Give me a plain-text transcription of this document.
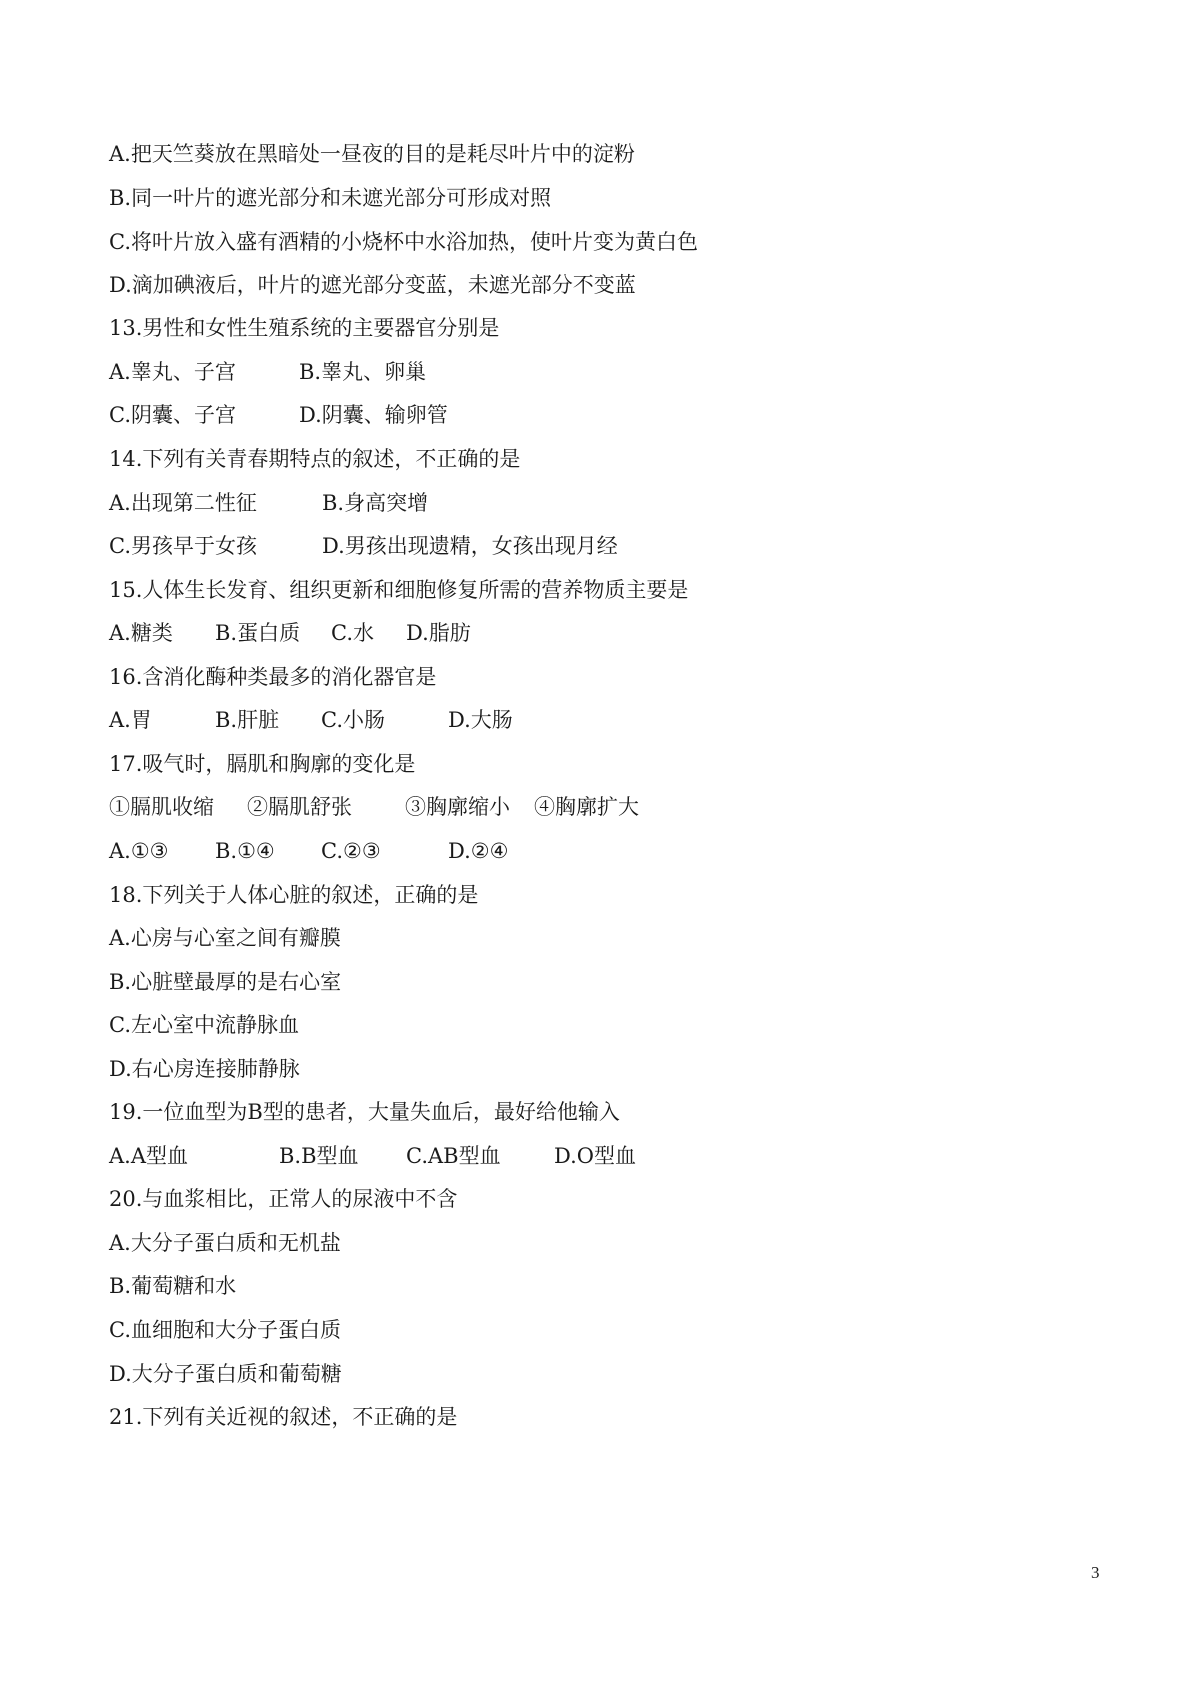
A.把天竺葵放在黑暗处一昼夜的目的是耗尽叶片中的淀粉
B.同一叶片的遮光部分和未遮光部分可形成对照
C.将叶片放入盛有酒精的小烧杯中水浴加热，使叶片变为黄白色
D.滴加碘液后，叶片的遮光部分变蓝，未遮光部分不变蓝
13.男性和女性生殖系统的主要器官分别是

A.睾丸、子宫

	B.睾丸、卵巢

C.阴囊、子宫

	D.阴囊、输卵管

14.下列有关青春期特点的叙述，不正确的是

A.出现第二性征

	B.身高突增

C.男孩早于女孩

	D.男孩出现遗精，女孩出现月经

15.人体生长发育、组织更新和细胞修复所需的营养物质主要是

A.糖类

B.蛋白质

C.水

D.脂肪

16.含消化酶种类最多的消化器官是

A.胃

	B.肝脏

C.小肠

	D.大肠

17.吸气时，膈肌和胸廓的变化是

①膈肌收缩

②膈肌舒张

	③胸廓缩小

④胸廓扩大

A.①③

B.①④

C.②③

	D.②④

18.下列关于人体心脏的叙述，正确的是
A.心房与心室之间有瓣膜
B.心脏壁最厚的是右心室
C.左心室中流静脉血
D.右心房连接肺静脉
19.一位血型为B型的患者，大量失血后，最好给他输入

A.A型血

	B.B型血

C.AB型血

	D.O型血

20.与血浆相比，正常人的尿液中不含
A.大分子蛋白质和无机盐
B.葡萄糖和水
C.血细胞和大分子蛋白质
D.大分子蛋白质和葡萄糖
21.下列有关近视的叙述，不正确的是
3
